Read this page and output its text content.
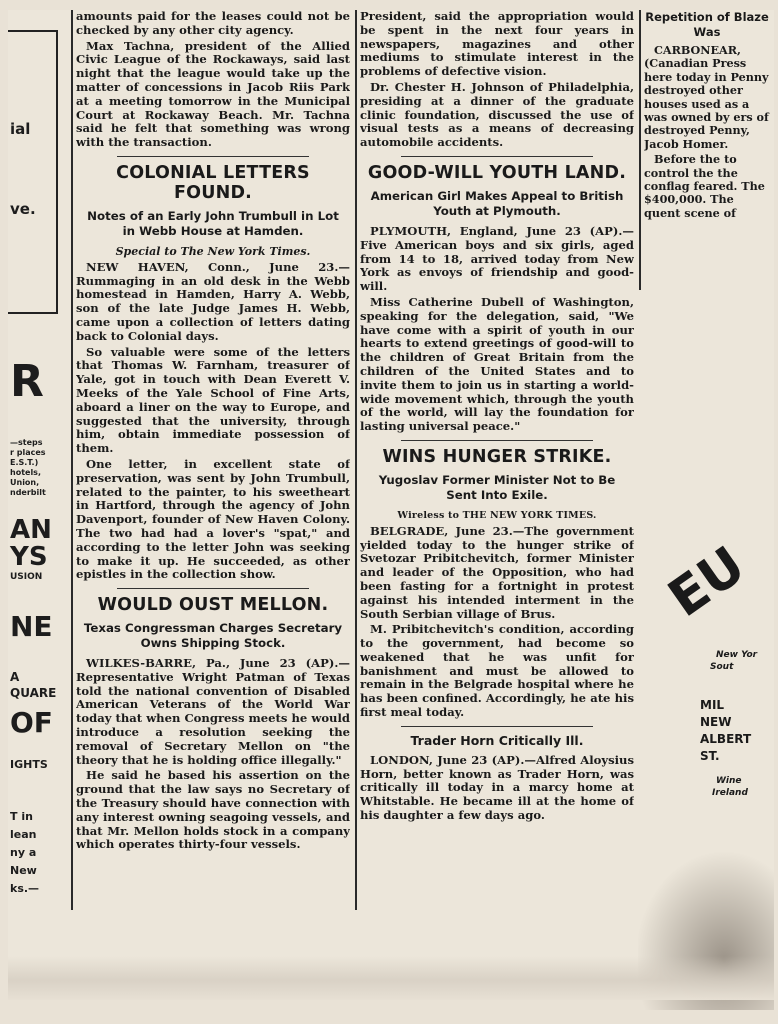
ial
ve.
R
—steps
r places
E.S.T.)
hotels,
Union,
nderbilt
AN
YS
USION
NE
A
QUARE
OF
IGHTS
T in
lean
ny a
New
ks.—

amounts paid for the leases could not be checked by any other city agency.

Max Tachna, president of the Allied Civic League of the Rockaways, said last night that the league would take up the matter of concessions in Jacob Riis Park at a meeting tomorrow in the Municipal Court at Rockaway Beach. Mr. Tachna said he felt that something was wrong with the transaction.

COLONIAL LETTERS FOUND.
Notes of an Early John Trumbull in Lot in Webb House at Hamden.
Special to The New York Times.

NEW HAVEN, Conn., June 23.—Rummaging in an old desk in the Webb homestead in Hamden, Harry A. Webb, son of the late Judge James H. Webb, came upon a collection of letters dating back to Colonial days.

So valuable were some of the letters that Thomas W. Farnham, treasurer of Yale, got in touch with Dean Everett V. Meeks of the Yale School of Fine Arts, aboard a liner on the way to Europe, and suggested that the university, through him, obtain immediate possession of them.

One letter, in excellent state of preservation, was sent by John Trumbull, related to the painter, to his sweetheart in Hartford, through the agency of John Davenport, founder of New Haven Colony. The two had had a lover's "spat," and according to the letter John was seeking to make it up. He succeeded, as other epistles in the collection show.

WOULD OUST MELLON.
Texas Congressman Charges Secretary Owns Shipping Stock.

WILKES-BARRE, Pa., June 23 (AP).—Representative Wright Patman of Texas told the national convention of Disabled American Veterans of the World War today that when Congress meets he would introduce a resolution seeking the removal of Secretary Mellon on "the theory that he is holding office illegally."

He said he based his assertion on the ground that the law says no Secretary of the Treasury should have connection with any interest owning seagoing vessels, and that Mr. Mellon holds stock in a company which operates thirty-four vessels.

President, said the appropriation would be spent in the next four years in newspapers, magazines and other mediums to stimulate interest in the problems of defective vision.

Dr. Chester H. Johnson of Philadelphia, presiding at a dinner of the graduate clinic foundation, discussed the use of visual tests as a means of decreasing automobile accidents.

GOOD-WILL YOUTH LAND.
American Girl Makes Appeal to British Youth at Plymouth.

PLYMOUTH, England, June 23 (AP).—Five American boys and six girls, aged from 14 to 18, arrived today from New York as envoys of friendship and good-will.

Miss Catherine Dubell of Washington, speaking for the delegation, said, "We have come with a spirit of youth in our hearts to extend greetings of good-will to the children of Great Britain from the children of the United States and to invite them to join us in starting a world-wide movement which, through the youth of the world, will lay the foundation for lasting universal peace."

WINS HUNGER STRIKE.
Yugoslav Former Minister Not to Be Sent Into Exile.
Wireless to THE NEW YORK TIMES.

BELGRADE, June 23.—The government yielded today to the hunger strike of Svetozar Pribitchevitch, former Minister and leader of the Opposition, who had been fasting for a fortnight in protest against his intended interment in the South Serbian village of Brus.

M. Pribitchevitch's condition, according to the government, had become so weakened that he was unfit for banishment and must be allowed to remain in the Belgrade hospital where he has been confined. Accordingly, he ate his first meal today.

Trader Horn Critically Ill.

LONDON, June 23 (AP).—Alfred Aloysius Horn, better known as Trader Horn, was critically ill today in a marcy home at Whitstable. He became ill at the home of his daughter a few days ago.

Repetition of Blaze Was

CARBONEAR, (Canadian Press here today in Penny destroyed other houses used as a was owned by ers of destroyed Penny, Jacob Homer.

Before the to control the the conflag feared. The $400,000. The quent scene of

EU
New Yor
Sout
MIL
NEW
ALBERT
ST.
Wine
Ireland
